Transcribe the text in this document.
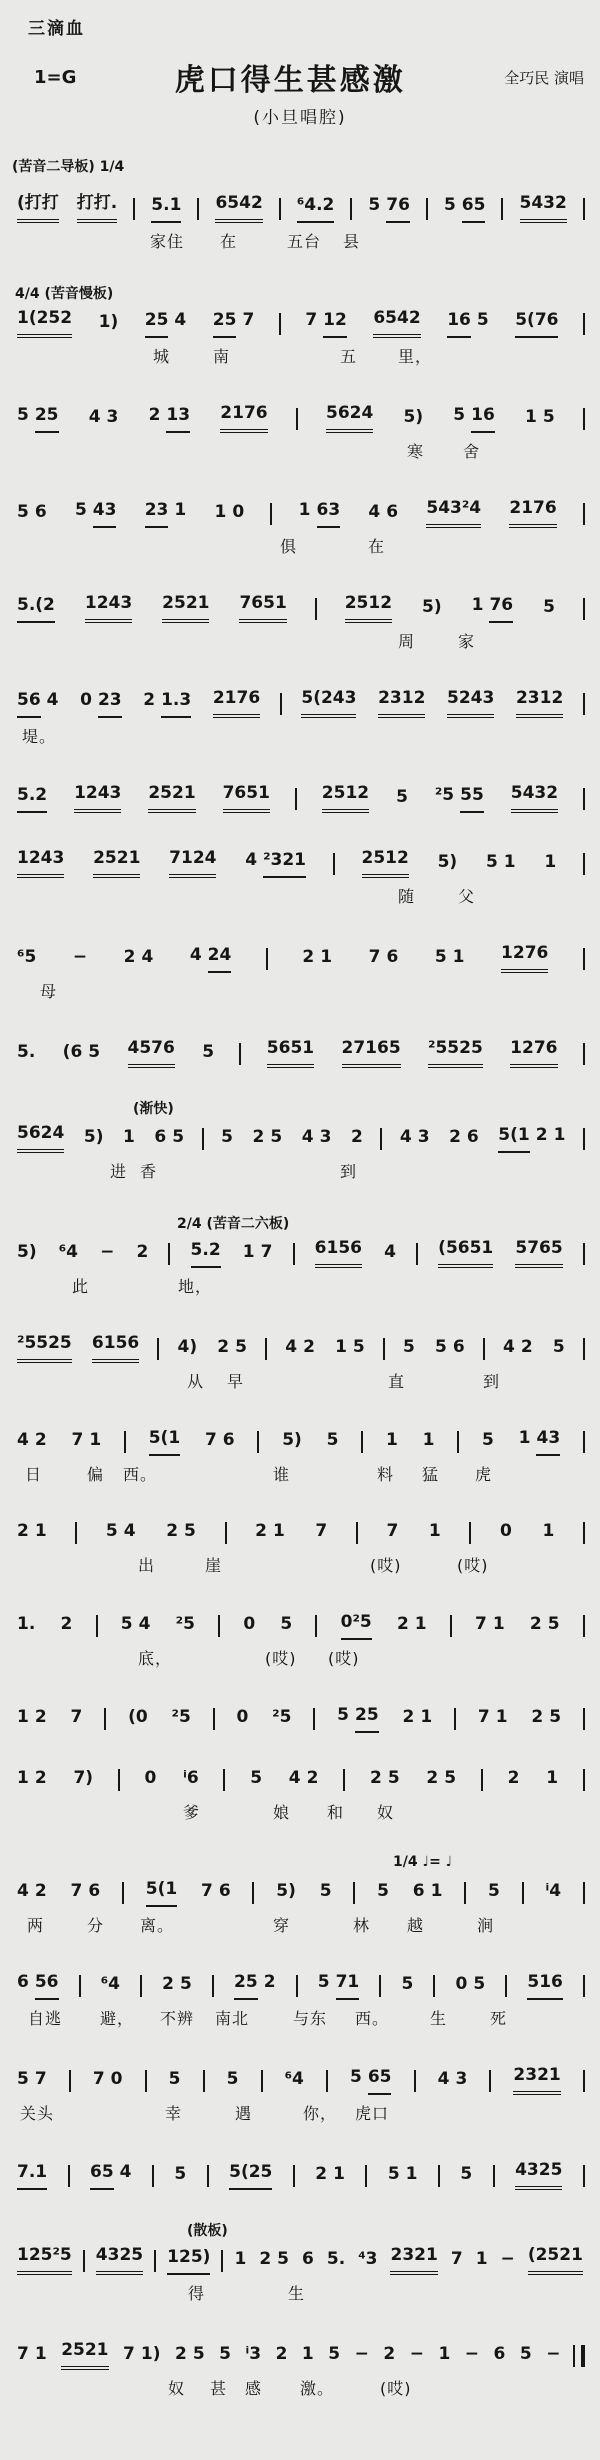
三滴血
1=G	虎口得生甚感激	全巧民 演唱
(小旦唱腔)
(苦音二导板) 1/4
(打打 打打. 5.1 6542 ⁶4.2 5 76 5 65 5432
家住 在	五台 县
4/4 (苦音慢板)
1(252 1) 25 4 25 7	7 12 6542 16 5 5(76
城	南	五	里，
5 25 4 3 2 13 2176	5624 5) 5 16 1 5
寒 舍
5 6 5 43 23 1 1 0	1 63 4 6 543²4 2176
俱	在
5.(2 1243 2521 7651	2512 5) 1 76 5
周	家
56 4 0 23 2 1.3 2176 5(243 2312 5243 2312
堤。
5.2 1243 2521 7651	2512 5 ²5 55 5432
1243 2521 7124 4 ²321	2512 5) 5 1 1
随	父
⁶5 − 2 4 4 24	2 1 7 6 5 1 1276
母
5. (6 5 4576 5	5651 27165 ²5525 1276
(渐快)
5624 5) 1 6 5 5 2 5 4 3 2 4 3 2 6 5(1 2 1
进 香	到
2/4 (苦音二六板)
5) ⁶4 − 2 5.2 1 7 6156 4 (5651 5765
此	地，
²5525 6156 4) 2 5 4 2 1 5 5 5 6 4 2 5
从 早	直	到
4 2 7 1	5(1 7 6	5) 5	1 1	5 1 43
日	偏 西。	谁	料 猛 虎
2 1	5 4 2 5	2 1 7	7 1	0 1
出	崖	(哎)	(哎)
1. 2	5 4 ²5	0 5	0²5 2 1	7 1 2 5
底，	(哎) (哎)
1 2 7	(0 ²5	0 ²5	5 25 2 1	7 1 2 5
1 2 7)	0 ⁱ6	5 4 2	2 5 2 5	2 1
爹	娘 和 奴
1/4 ♩= ♩
4 2 7 6	5(1 7 6	5) 5	5 6 1	5	ⁱ4
两	分 离。	穿	林 越	涧
6 56 ⁶4 2 5 25 2 5 71 5 0 5 516
自逃 避， 不辨 南北	与东 西。	生	死
5 7	7 0	5	5	⁶4	5 65	4 3	2321
关头	幸	遇	你， 虎口
7.1	65 4	5	5(25	2 1	5 1	5	4325
(散板)
125²5 4325 125) 1 2 5 6 5. ⁴3 2321 7 1 − (2521
得	生
7 1 2521 7 1) 2 5 5 ⁱ3 2 1 5 − 2 − 1 − 6 5 −
奴 甚 感 激。	(哎)
